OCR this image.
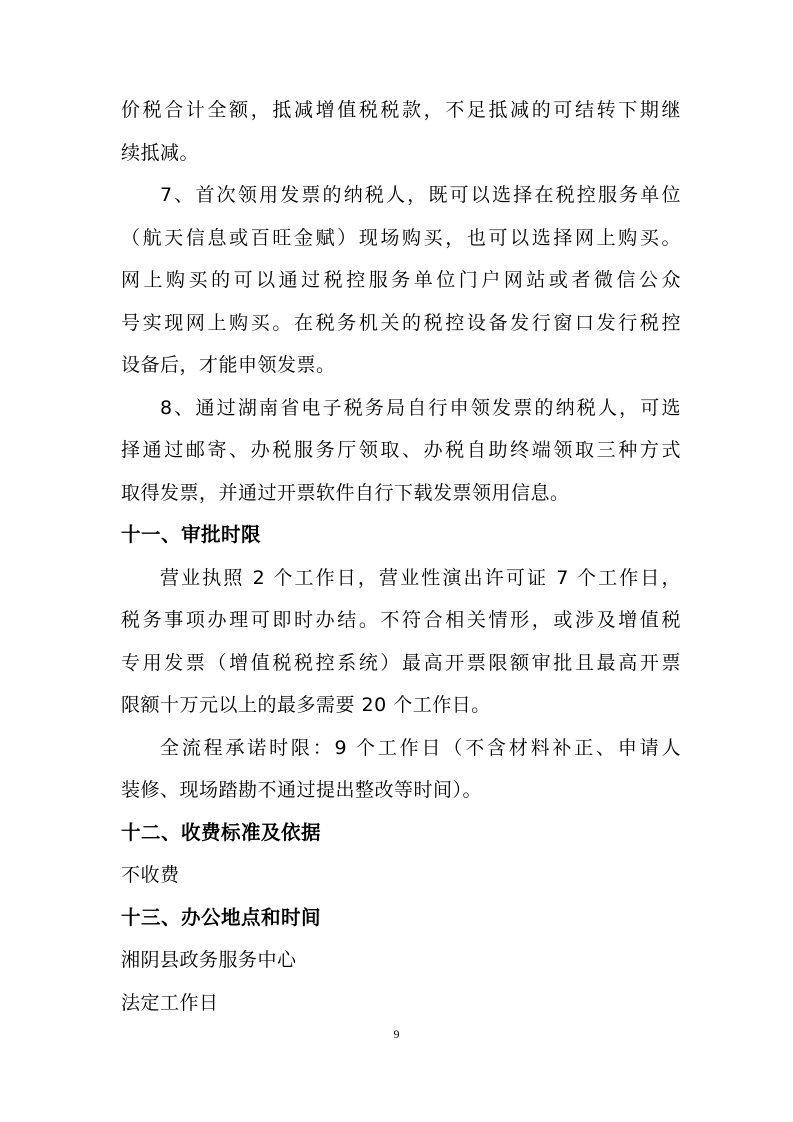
价税合计全额，抵减增值税税款，不足抵减的可结转下期继
续抵减。
7、首次领用发票的纳税人，既可以选择在税控服务单位
（航天信息或百旺金赋）现场购买，也可以选择网上购买。
网上购买的可以通过税控服务单位门户网站或者微信公众
号实现网上购买。在税务机关的税控设备发行窗口发行税控
设备后，才能申领发票。
8、通过湖南省电子税务局自行申领发票的纳税人，可选
择通过邮寄、办税服务厅领取、办税自助终端领取三种方式
取得发票，并通过开票软件自行下载发票领用信息。
十一、审批时限
营业执照 2 个工作日，营业性演出许可证 7 个工作日，
税务事项办理可即时办结。不符合相关情形，或涉及增值税
专用发票（增值税税控系统）最高开票限额审批且最高开票
限额十万元以上的最多需要 20 个工作日。
全流程承诺时限：9 个工作日（不含材料补正、申请人
装修、现场踏勘不通过提出整改等时间）。
十二、收费标准及依据
不收费
十三、办公地点和时间
湘阴县政务服务中心
法定工作日
9
